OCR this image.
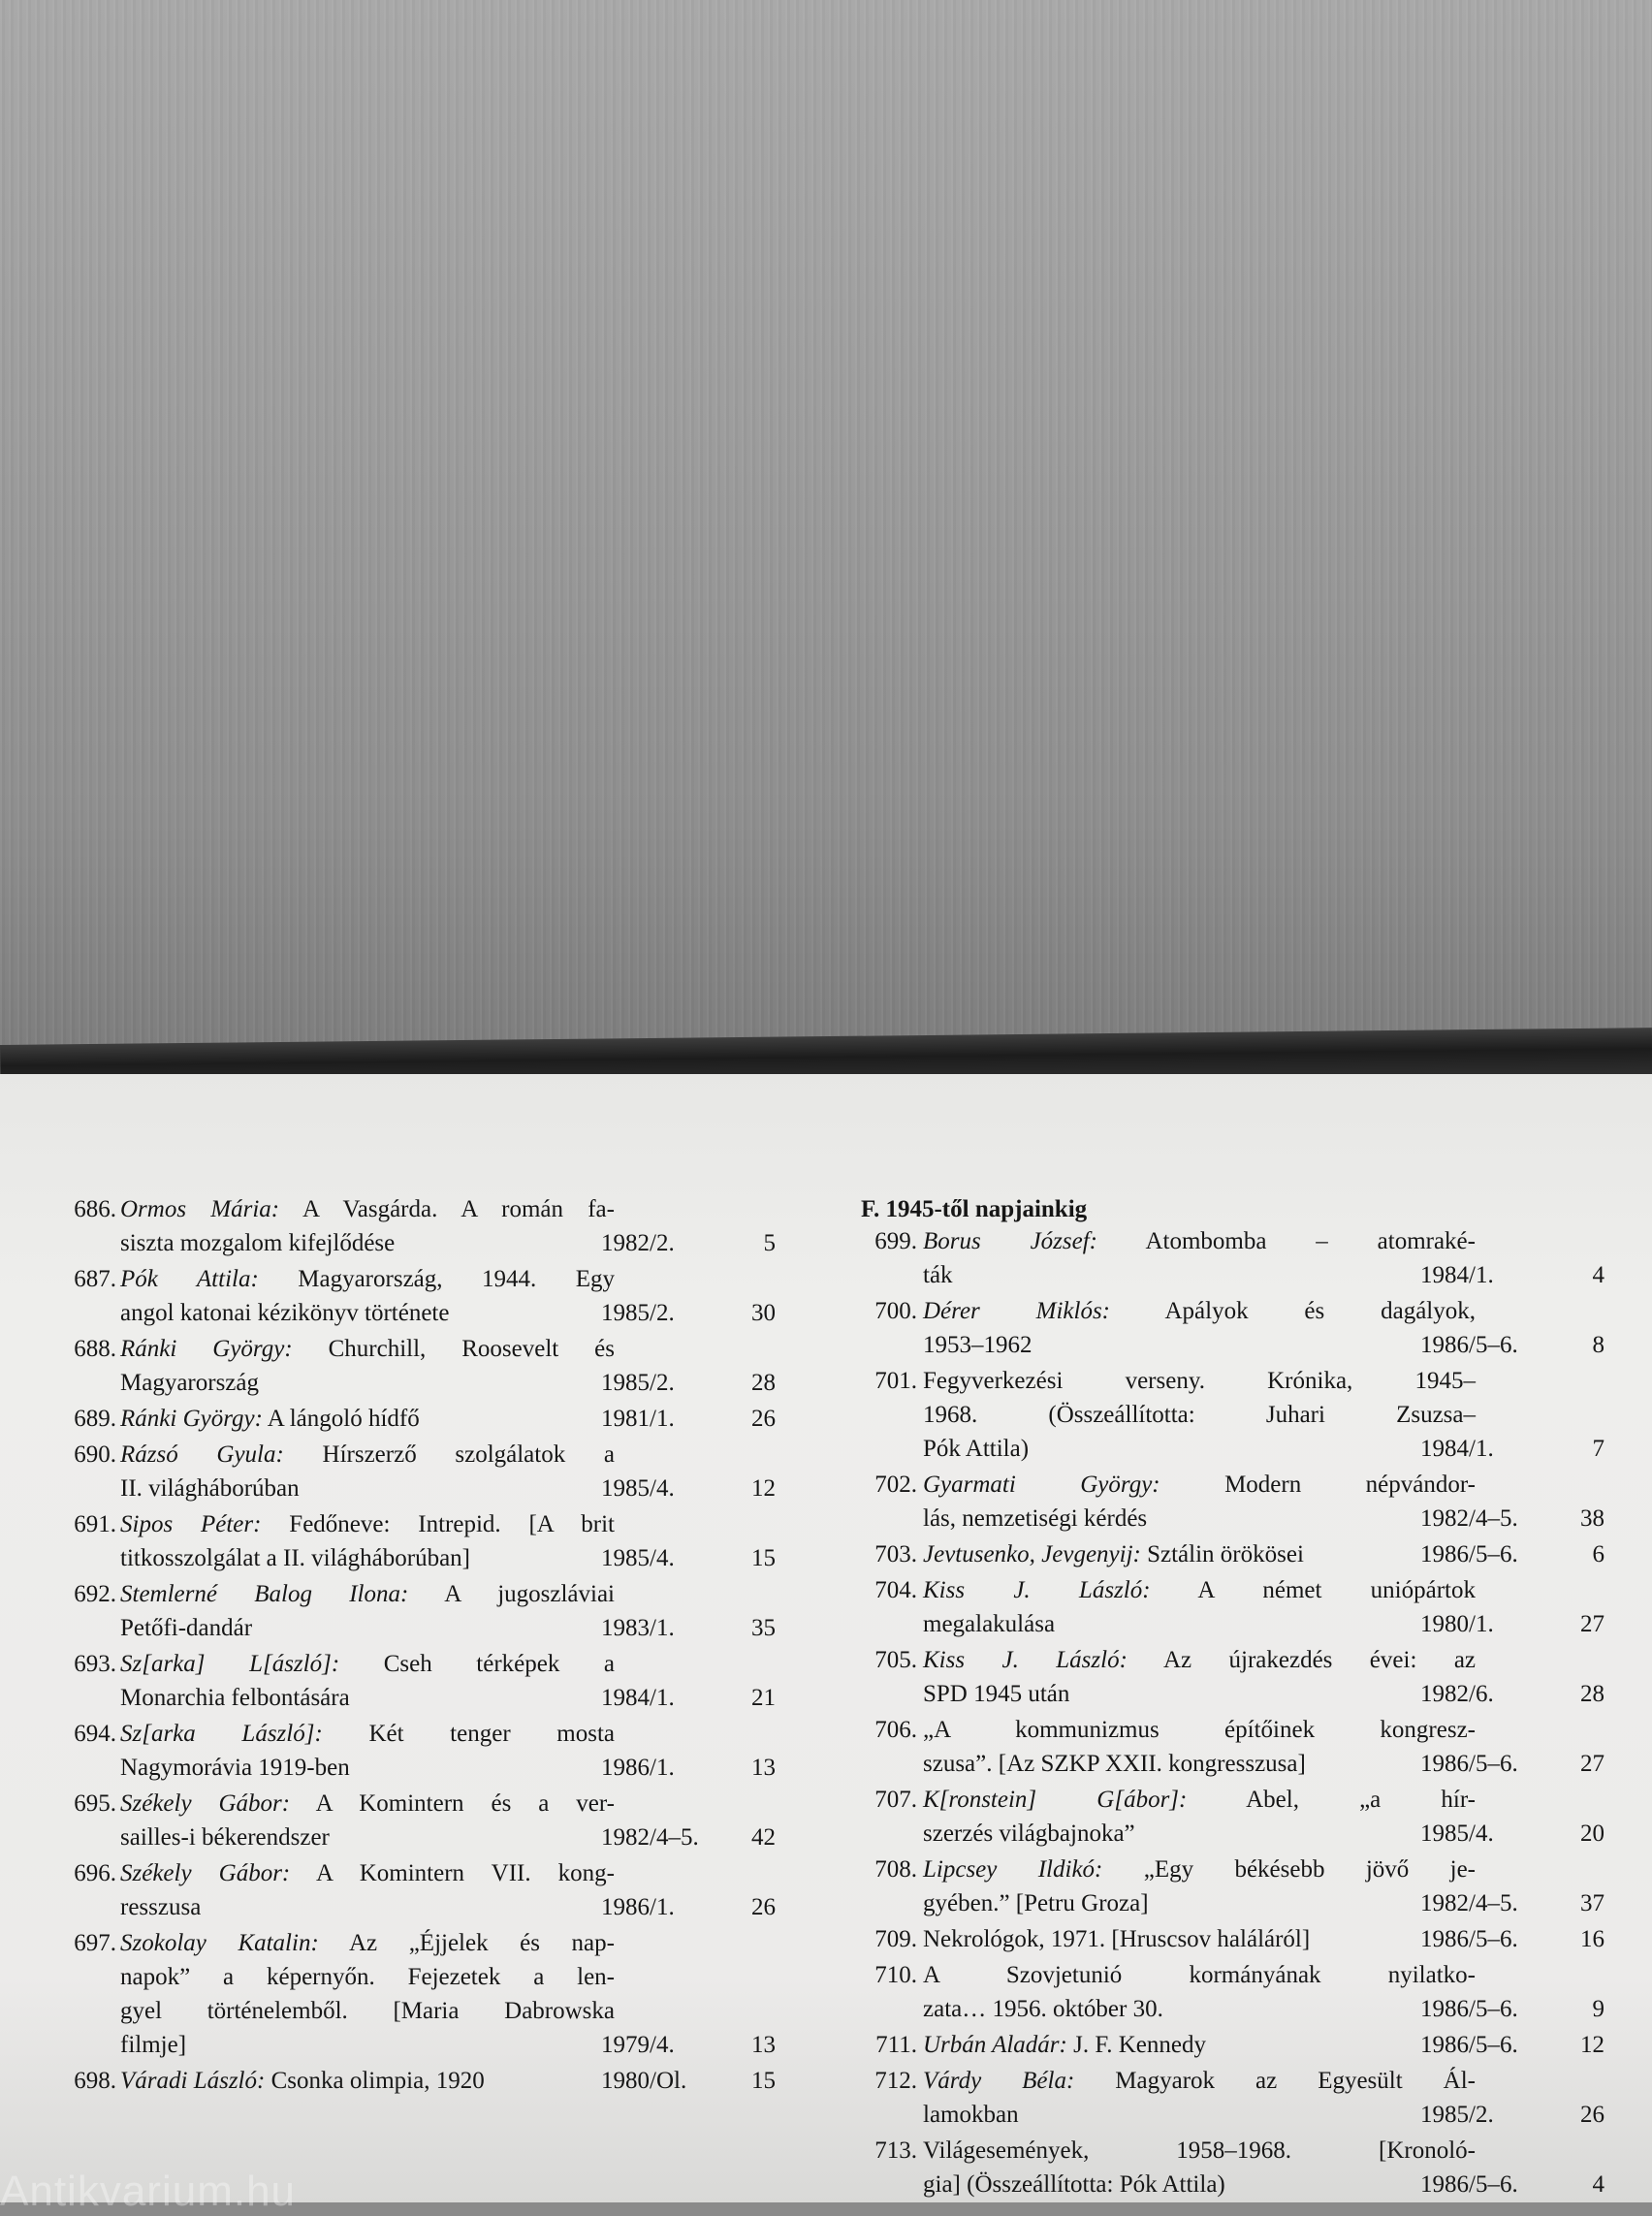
686. Ormos Mária: A Vasgárda. A román fa-
siszta mozgalom kifejlődése	1982/2.	5
687. Pók Attila: Magyarország, 1944. Egy
angol katonai kézikönyv története	1985/2.	30
688. Ránki György: Churchill, Roosevelt és
Magyarország	1985/2.	28
689. Ránki György: A lángoló hídfő	1981/1.	26
690. Rázsó Gyula: Hírszerző szolgálatok a
II. világháborúban	1985/4.	12
691. Sipos Péter: Fedőneve: Intrepid. [A brit
titkosszolgálat a II. világháborúban]	1985/4.	15
692. Stemlerné Balog Ilona: A jugoszláviai
Petőfi-dandár	1983/1.	35
693. Sz[arka] L[ászló]: Cseh térképek a
Monarchia felbontására	1984/1.	21
694. Sz[arka László]: Két tenger mosta
Nagymorávia 1919-ben	1986/1.	13
695. Székely Gábor: A Komintern és a ver-
sailles-i békerendszer	1982/4–5.	42
696. Székely Gábor: A Komintern VII. kong-
resszusa	1986/1.	26
697. Szokolay Katalin: Az „Éjjelek és nap-
napok” a képernyőn. Fejezetek a len-
gyel történelemből. [Maria Dabrowska
filmje]	1979/4.	13
698. Váradi László: Csonka olimpia, 1920	1980/Ol.	15
F. 1945-től napjainkig
699. Borus József: Atombomba – atomraké-
ták	1984/1.	4
700. Dérer Miklós: Apályok és dagályok,
1953–1962	1986/5–6.	8
701. Fegyverkezési verseny. Krónika, 1945–
1968. (Összeállította: Juhari Zsuzsa–
Pók Attila)	1984/1.	7
702. Gyarmati György: Modern népvándor-
lás, nemzetiségi kérdés	1982/4–5.	38
703. Jevtusenko, Jevgenyij: Sztálin örökösei	1986/5–6.	6
704. Kiss J. László: A német uniópártok
megalakulása	1980/1.	27
705. Kiss J. László: Az újrakezdés évei: az
SPD 1945 után	1982/6.	28
706. „A kommunizmus építőinek kongresz-
szusa”. [Az SZKP XXII. kongresszusa]	1986/5–6.	27
707. K[ronstein] G[ábor]: Abel, „a hír-
szerzés világbajnoka”	1985/4.	20
708. Lipcsey Ildikó: „Egy békésebb jövő je-
gyében.” [Petru Groza]	1982/4–5.	37
709. Nekrológok, 1971. [Hruscsov haláláról]	1986/5–6.	16
710. A Szovjetunió kormányának nyilatko-
zata… 1956. október 30.	1986/5–6.	9
711. Urbán Aladár: J. F. Kennedy	1986/5–6.	12
712. Várdy Béla: Magyarok az Egyesült Ál-
lamokban	1985/2.	26
713. Világesemények, 1958–1968. [Kronoló-
gia] (Összeállította: Pók Attila)	1986/5–6.	4
Antikvarium.hu
